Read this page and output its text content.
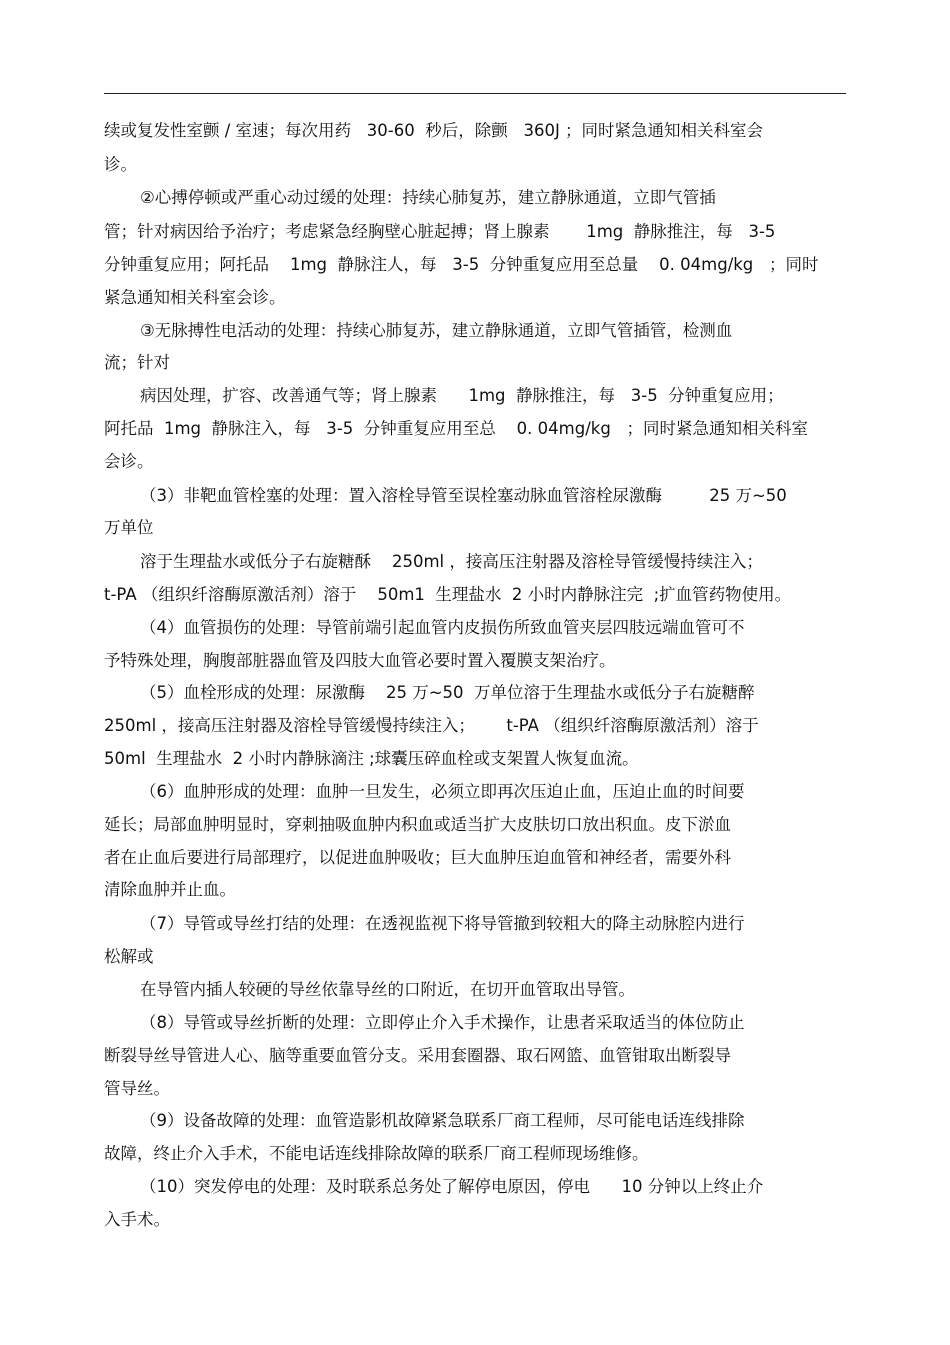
续或复发性室颤 / 室速；每次用药   30-60  秒后，除颤   360J ；同时紧急通知相关科室会
诊。
②心搏停顿或严重心动过缓的处理：持续心肺复苏，建立静脉通道，立即气管插
管；针对病因给予治疗；考虑紧急经胸壁心脏起搏；肾上腺素       1mg  静脉推注，每   3-5
分钟重复应用；阿托品    1mg  静脉注人，每   3-5  分钟重复应用至总量    0. 04mg/kg   ；同时
紧急通知相关科室会诊。
③无脉搏性电活动的处理：持续心肺复苏，建立静脉通道，立即气管插管，检测血
流；针对
病因处理，扩容、改善通气等；肾上腺素      1mg  静脉推注，每   3-5  分钟重复应用；
阿托品  1mg  静脉注入，每   3-5  分钟重复应用至总    0. 04mg/kg   ；同时紧急通知相关科室
会诊。
（3）非靶血管栓塞的处理：置入溶栓导管至误栓塞动脉血管溶栓尿激酶         25 万~50
万单位
溶于生理盐水或低分子右旋糖酥    250ml ，接高压注射器及溶栓导管缓慢持续注入；
t-PA （组织纤溶酶原激活剂）溶于    50m1  生理盐水  2 小时内静脉注完  ;扩血管药物使用。
（4）血管损伤的处理：导管前端引起血管内皮损伤所致血管夹层四肢远端血管可不
予特殊处理，胸腹部脏器血管及四肢大血管必要时置入覆膜支架治疗。
（5）血栓形成的处理：尿激酶    25 万~50  万单位溶于生理盐水或低分子右旋糖醉
250ml ，接高压注射器及溶栓导管缓慢持续注入；      t-PA （组织纤溶酶原激活剂）溶于
50ml  生理盐水  2 小时内静脉滴注 ;球囊压碎血栓或支架置人恢复血流。
（6）血肿形成的处理：血肿一旦发生，必须立即再次压迫止血，压迫止血的时间要
延长；局部血肿明显时，穿刺抽吸血肿内积血或适当扩大皮肤切口放出积血。皮下淤血
者在止血后要进行局部理疗，以促进血肿吸收；巨大血肿压迫血管和神经者，需要外科
清除血肿并止血。
（7）导管或导丝打结的处理：在透视监视下将导管撤到较粗大的降主动脉腔内进行
松解或
在导管内插人较硬的导丝依靠导丝的口附近，在切开血管取出导管。
（8）导管或导丝折断的处理：立即停止介入手术操作，让患者采取适当的体位防止
断裂导丝导管进人心、脑等重要血管分支。采用套圈器、取石网篮、血管钳取出断裂导
管导丝。
（9）设备故障的处理：血管造影机故障紧急联系厂商工程师，尽可能电话连线排除
故障，终止介入手术，不能电话连线排除故障的联系厂商工程师现场维修。
（10）突发停电的处理：及时联系总务处了解停电原因，停电      10 分钟以上终止介
入手术。
